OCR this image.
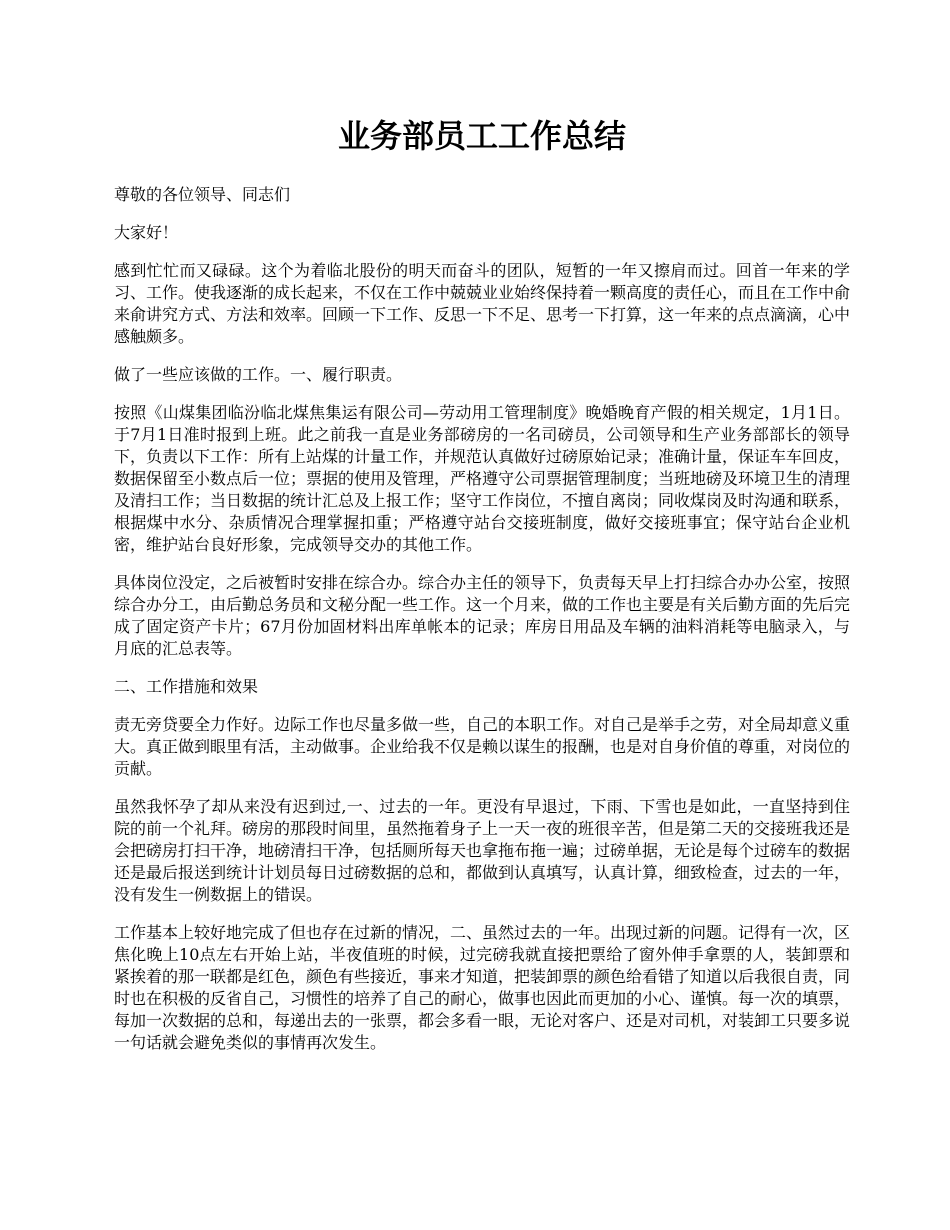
业务部员工工作总结

尊敬的各位领导、同志们

大家好！

感到忙忙而又碌碌。这个为着临北股份的明天而奋斗的团队，短暂的一年又擦肩而过。回首一年来的学习、工作。使我逐渐的成长起来，不仅在工作中兢兢业业始终保持着一颗高度的责任心，而且在工作中俞来俞讲究方式、方法和效率。回顾一下工作、反思一下不足、思考一下打算，这一年来的点点滴滴，心中感触颇多。

做了一些应该做的工作。一、履行职责。

按照《山煤集团临汾临北煤焦集运有限公司—劳动用工管理制度》晚婚晚育产假的相关规定，1月1日。于7月1日准时报到上班。此之前我一直是业务部磅房的一名司磅员，公司领导和生产业务部部长的领导下，负责以下工作：所有上站煤的计量工作，并规范认真做好过磅原始记录；准确计量，保证车车回皮，数据保留至小数点后一位；票据的使用及管理，严格遵守公司票据管理制度；当班地磅及环境卫生的清理及清扫工作；当日数据的统计汇总及上报工作；坚守工作岗位，不擅自离岗；同收煤岗及时沟通和联系，根据煤中水分、杂质情况合理掌握扣重；严格遵守站台交接班制度，做好交接班事宜；保守站台企业机密，维护站台良好形象，完成领导交办的其他工作。

具体岗位没定，之后被暂时安排在综合办。综合办主任的领导下，负责每天早上打扫综合办办公室，按照综合办分工，由后勤总务员和文秘分配一些工作。这一个月来，做的工作也主要是有关后勤方面的先后完成了固定资产卡片；67月份加固材料出库单帐本的记录；库房日用品及车辆的油料消耗等电脑录入，与月底的汇总表等。

二、工作措施和效果

责无旁贷要全力作好。边际工作也尽量多做一些，自己的本职工作。对自己是举手之劳，对全局却意义重大。真正做到眼里有活，主动做事。企业给我不仅是赖以谋生的报酬，也是对自身价值的尊重，对岗位的贡献。

虽然我怀孕了却从来没有迟到过,一、过去的一年。更没有早退过，下雨、下雪也是如此，一直坚持到住院的前一个礼拜。磅房的那段时间里，虽然拖着身子上一天一夜的班很辛苦，但是第二天的交接班我还是会把磅房打扫干净，地磅清扫干净，包括厕所每天也拿拖布拖一遍；过磅单据，无论是每个过磅车的数据还是最后报送到统计计划员每日过磅数据的总和，都做到认真填写，认真计算，细致检查，过去的一年，没有发生一例数据上的错误。

工作基本上较好地完成了但也存在过新的情况，二、虽然过去的一年。出现过新的问题。记得有一次，区焦化晚上10点左右开始上站，半夜值班的时候，过完磅我就直接把票给了窗外伸手拿票的人，装卸票和紧挨着的那一联都是红色，颜色有些接近，事来才知道，把装卸票的颜色给看错了知道以后我很自责，同时也在积极的反省自己，习惯性的培养了自己的耐心，做事也因此而更加的小心、谨慎。每一次的填票，每加一次数据的总和，每递出去的一张票，都会多看一眼，无论对客户、还是对司机，对装卸工只要多说一句话就会避免类似的事情再次发生。
